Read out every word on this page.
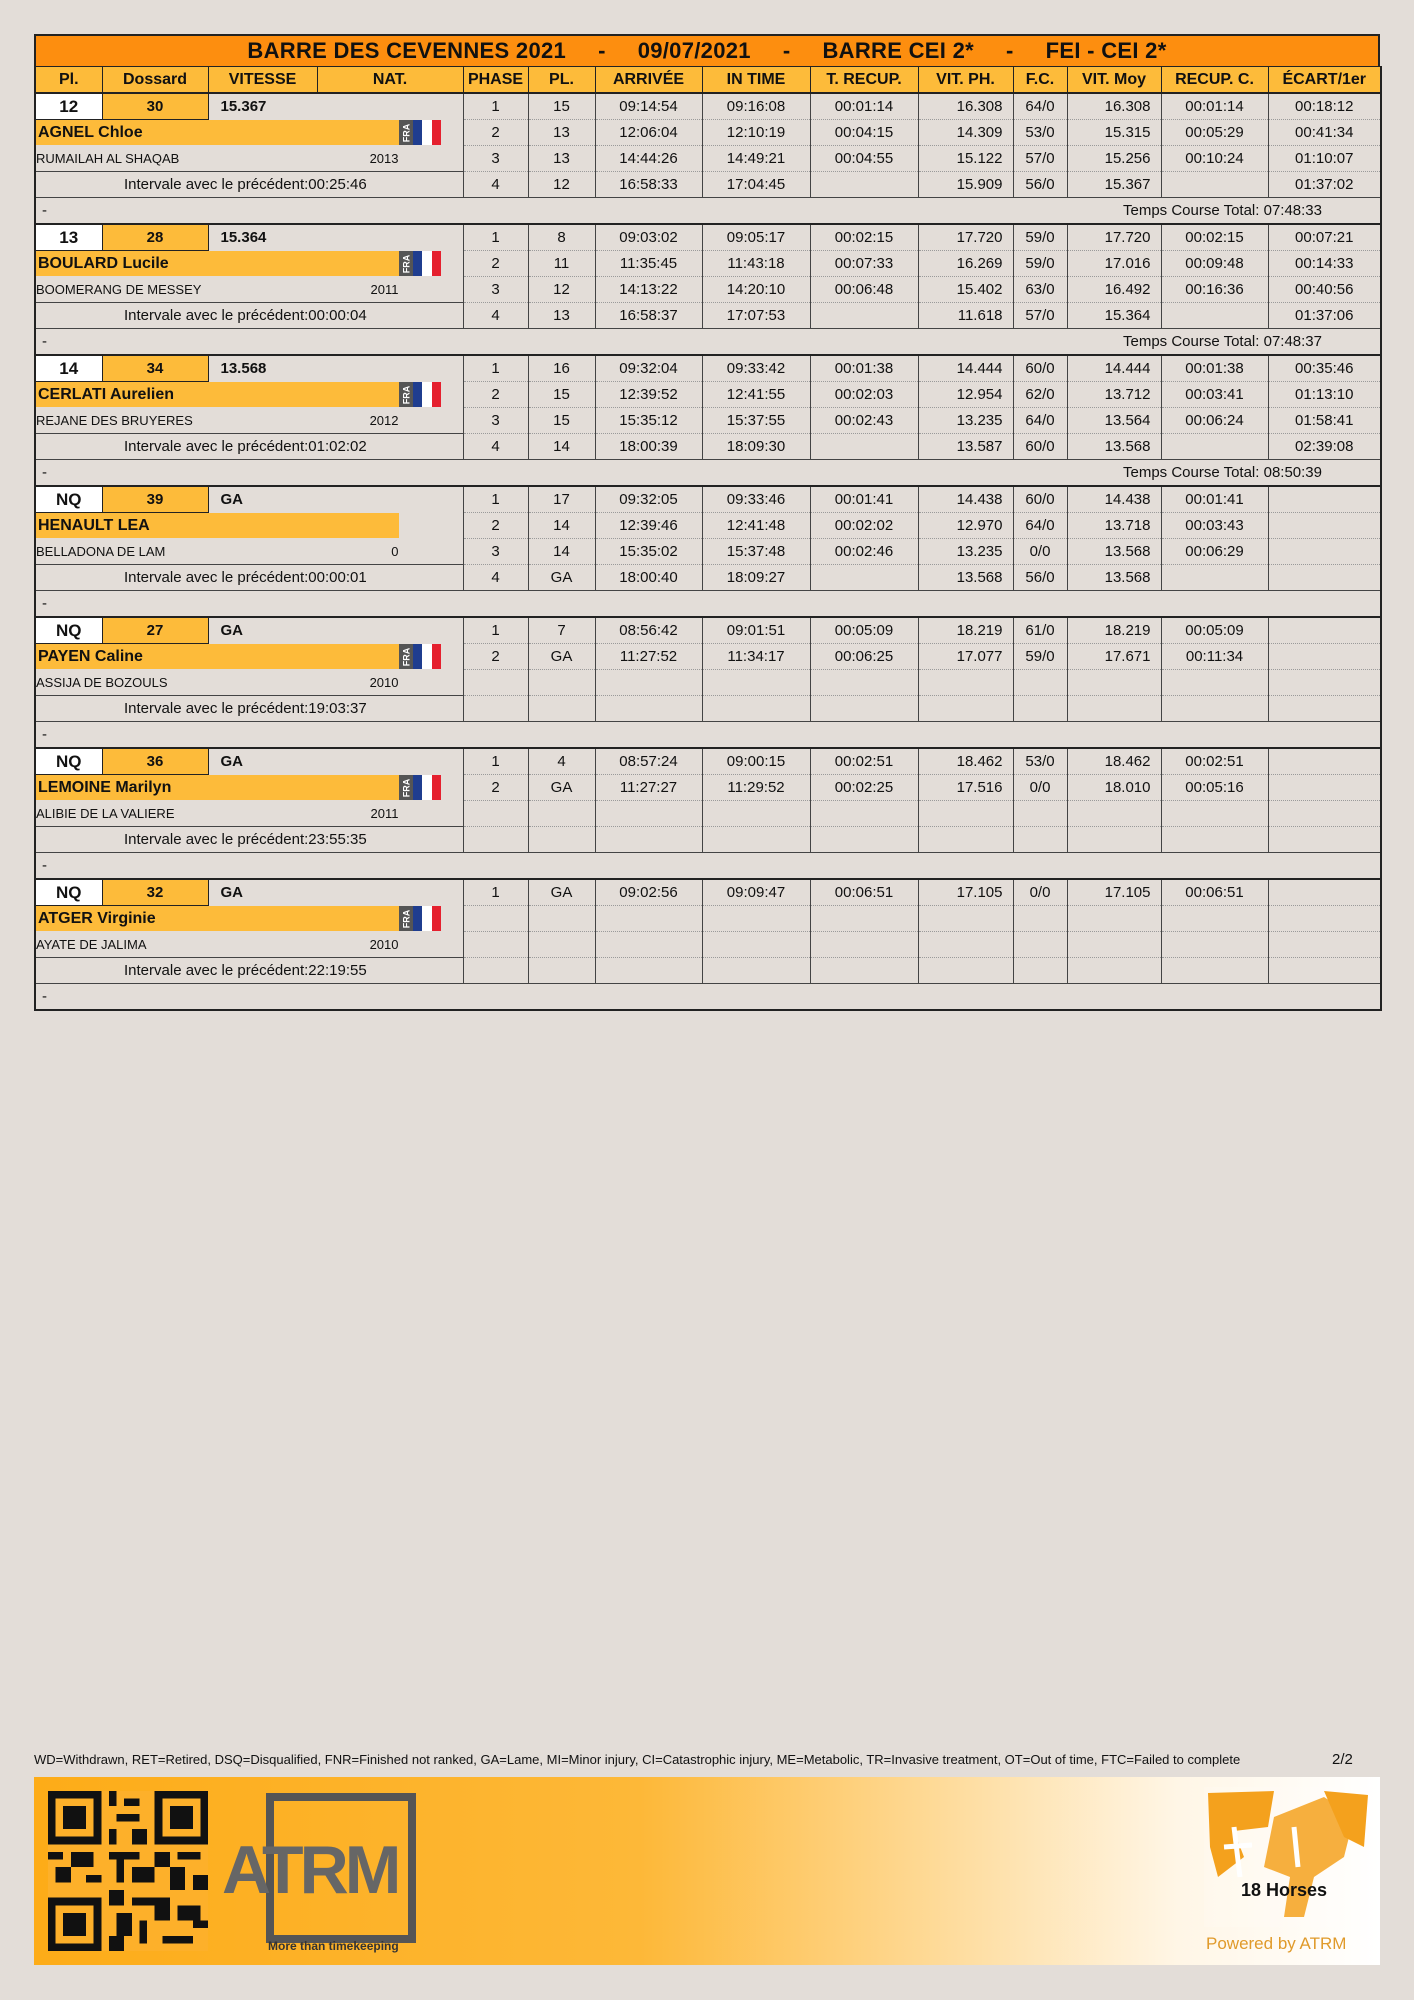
BARRE DES CEVENNES 2021 - 09/07/2021 - BARRE CEI 2* - FEI - CEI 2*
Pl.	Dossard	VITESSE	NAT.	PHASE	PL.	ARRIVÉE	IN TIME	T. RECUP.	VIT. PH.	F.C.	VIT. Moy	RECUP. C.	ÉCART/1er
12	30	15.367		1	15	09:14:54	09:16:08	00:01:14	16.308	64/0	16.308	00:01:14	00:18:12

AGNEL Chloe FRA				2	13	12:06:04	12:10:19	00:04:15	14.309	53/0	15.315	00:05:29	00:41:34

RUMAILAH AL SHAQAB 2013				3	13	14:44:26	14:49:21	00:04:55	15.122	57/0	15.256	00:10:24	01:10:07
Intervale avec le précédent:00:25:46				4	12	16:58:33	17:04:45		15.909	56/0	15.367		01:37:02
-				Temps Course Total: 07:48:33									
13	28	15.364		1	8	09:03:02	09:05:17	00:02:15	17.720	59/0	17.720	00:02:15	00:07:21

BOULARD Lucile FRA				2	11	11:35:45	11:43:18	00:07:33	16.269	59/0	17.016	00:09:48	00:14:33

BOOMERANG DE MESSEY 2011				3	12	14:13:22	14:20:10	00:06:48	15.402	63/0	16.492	00:16:36	00:40:56
Intervale avec le précédent:00:00:04				4	13	16:58:37	17:07:53		11.618	57/0	15.364		01:37:06
-				Temps Course Total: 07:48:37									
14	34	13.568		1	16	09:32:04	09:33:42	00:01:38	14.444	60/0	14.444	00:01:38	00:35:46

CERLATI Aurelien FRA				2	15	12:39:52	12:41:55	00:02:03	12.954	62/0	13.712	00:03:41	01:13:10

REJANE DES BRUYERES 2012				3	15	15:35:12	15:37:55	00:02:43	13.235	64/0	13.564	00:06:24	01:58:41
Intervale avec le précédent:01:02:02				4	14	18:00:39	18:09:30		13.587	60/0	13.568		02:39:08
-				Temps Course Total: 08:50:39									
NQ	39	GA		1	17	09:32:05	09:33:46	00:01:41	14.438	60/0	14.438	00:01:41	

HENAULT LEA				2	14	12:39:46	12:41:48	00:02:02	12.970	64/0	13.718	00:03:43	

BELLADONA DE LAM 0				3	14	15:35:02	15:37:48	00:02:46	13.235	0/0	13.568	00:06:29	
Intervale avec le précédent:00:00:01				4	GA	18:00:40	18:09:27		13.568	56/0	13.568		
-													
NQ	27	GA		1	7	08:56:42	09:01:51	00:05:09	18.219	61/0	18.219	00:05:09	

PAYEN Caline FRA				2	GA	11:27:52	11:34:17	00:06:25	17.077	59/0	17.671	00:11:34	

ASSIJA DE BOZOULS 2010													

Intervale avec le précédent:19:03:37													
-													
NQ	36	GA		1	4	08:57:24	09:00:15	00:02:51	18.462	53/0	18.462	00:02:51	

LEMOINE Marilyn FRA				2	GA	11:27:27	11:29:52	00:02:25	17.516	0/0	18.010	00:05:16	

ALIBIE DE LA VALIERE 2011													

Intervale avec le précédent:23:55:35													
-													
NQ	32	GA		1	GA	09:02:56	09:09:47	00:06:51	17.105	0/0	17.105	00:06:51	

ATGER Virginie FRA													

AYATE DE JALIMA 2010													

Intervale avec le précédent:22:19:55													
-													
WD=Withdrawn, RET=Retired, DSQ=Disqualified, FNR=Finished not ranked, GA=Lame, MI=Minor injury, CI=Catastrophic injury, ME=Metabolic, TR=Invasive treatment, OT=Out of time, FTC=Failed to complete	2/2
ATRM
More than timekeeping
18 Horses
Powered by ATRM
